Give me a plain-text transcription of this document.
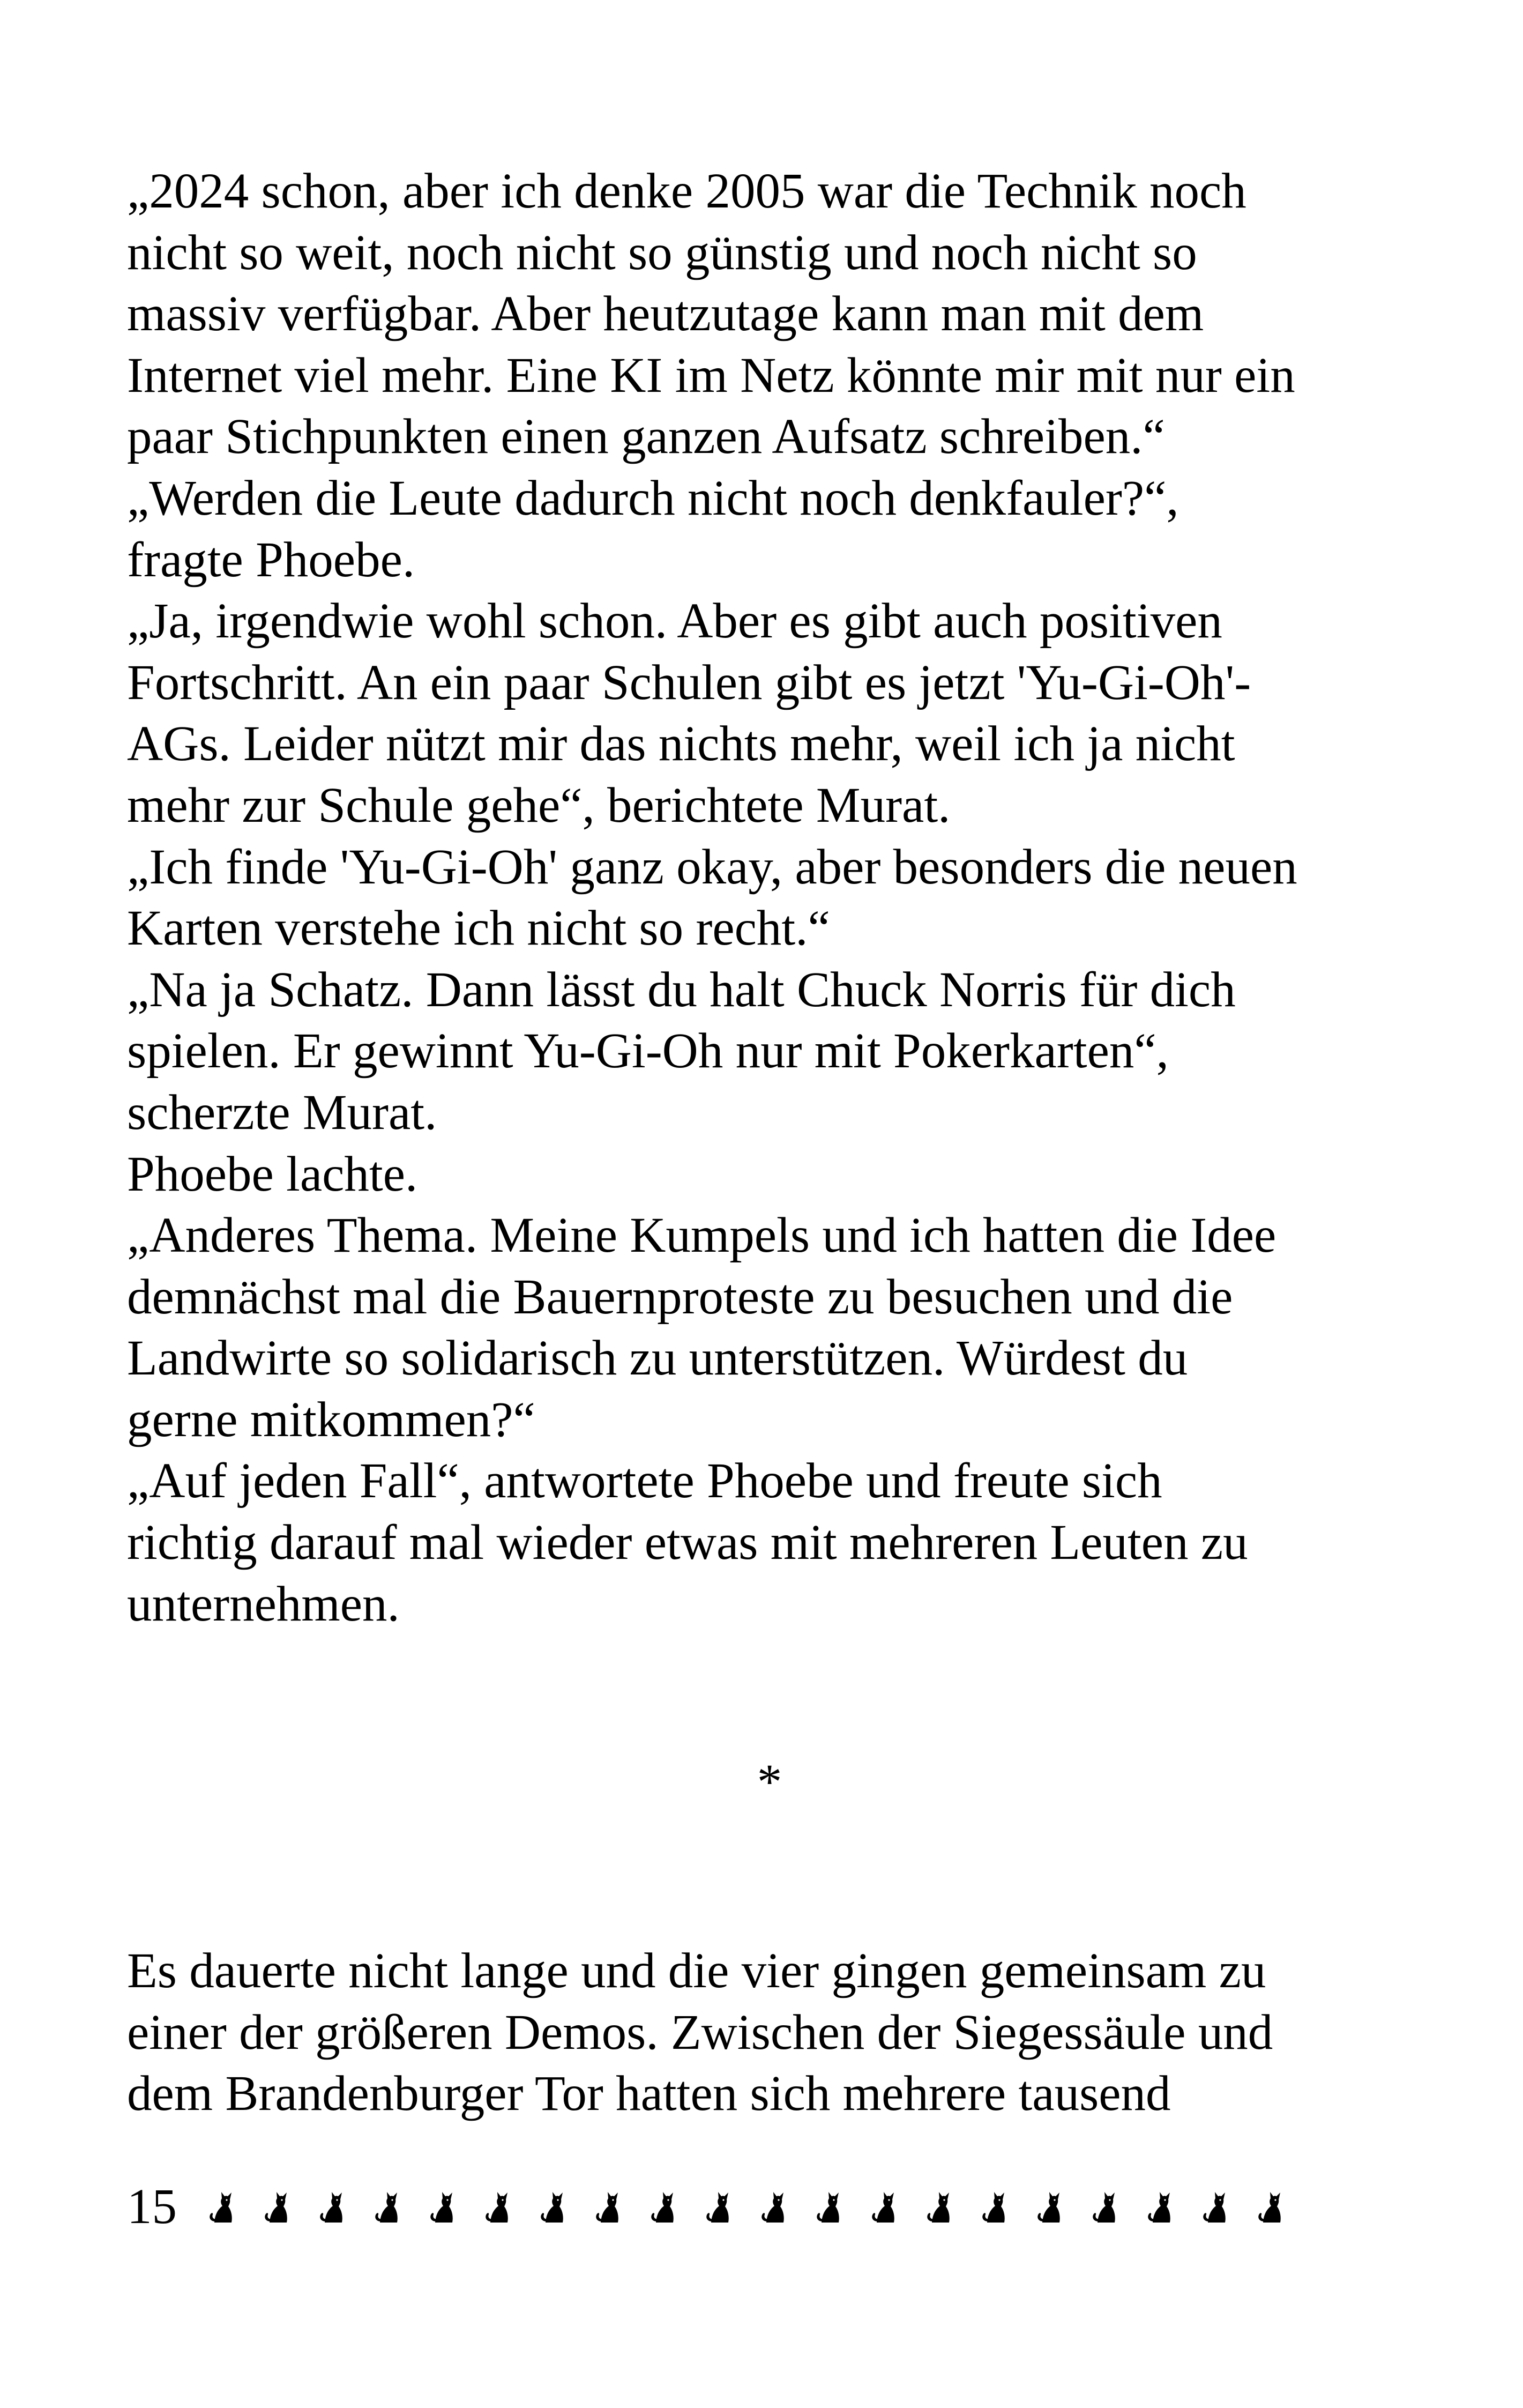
„2024 schon, aber ich denke 2005 war die Technik noch
nicht so weit, noch nicht so günstig und noch nicht so
massiv verfügbar. Aber heutzutage kann man mit dem
Internet viel mehr. Eine KI im Netz könnte mir mit nur ein
paar Stichpunkten einen ganzen Aufsatz schreiben.“
„Werden die Leute dadurch nicht noch denkfauler?“,
fragte Phoebe.
„Ja, irgendwie wohl schon. Aber es gibt auch positiven
Fortschritt. An ein paar Schulen gibt es jetzt 'Yu-Gi-Oh'-
AGs. Leider nützt mir das nichts mehr, weil ich ja nicht
mehr zur Schule gehe“, berichtete Murat.
„Ich finde 'Yu-Gi-Oh' ganz okay, aber besonders die neuen
Karten verstehe ich nicht so recht.“
„Na ja Schatz. Dann lässt du halt Chuck Norris für dich
spielen. Er gewinnt Yu-Gi-Oh nur mit Pokerkarten“,
scherzte Murat.
Phoebe lachte.
„Anderes Thema. Meine Kumpels und ich hatten die Idee
demnächst mal die Bauernproteste zu besuchen und die
Landwirte so solidarisch zu unterstützen. Würdest du
gerne mitkommen?“
„Auf jeden Fall“, antwortete Phoebe und freute sich
richtig darauf mal wieder etwas mit mehreren Leuten zu
unternehmen.
*
Es dauerte nicht lange und die vier gingen gemeinsam zu
einer der größeren Demos. Zwischen der Siegessäule und
dem Brandenburger Tor hatten sich mehrere tausend
15
